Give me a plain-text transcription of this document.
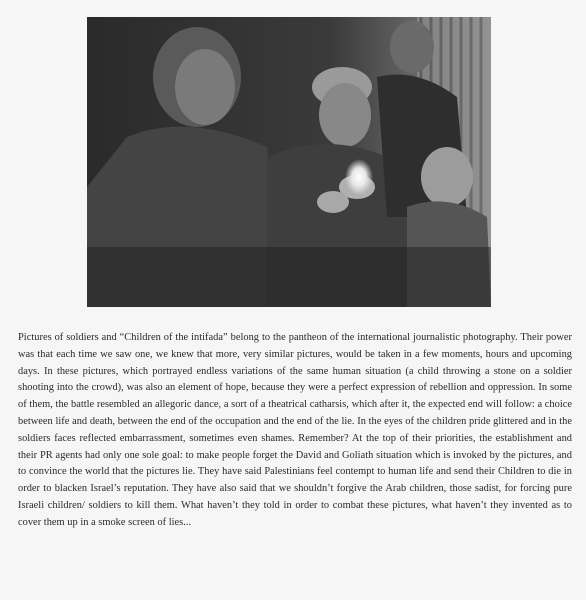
Pictures of soldiers and “Children of the intifada” belong to the pantheon of the international journalistic photography. Their power was that each time we saw one, we knew that more, very similar pictures, would be taken in a few moments, hours and upcoming days. In these pictures, which portrayed endless variations of the same human situation (a child throwing a stone on a soldier shooting into the crowd), was also an element of hope, because they were a perfect expression of rebellion and oppression. In some of them, the battle resembled an allegoric dance, a sort of a theatrical catharsis, which after it, the expected end will follow: a choice between life and death, between the end of the occupation and the end of the lie. In the eyes of the children pride glittered and in the soldiers faces reflected embarrassment, sometimes even shames. Remember? At the top of their priorities, the establishment and their PR agents had only one sole goal: to make people forget the David and Goliath situation which is invoked by the pictures, and to convince the world that the pictures lie. They have said Palestinians feel contempt to human life and send their Children to die in order to blacken Israel’s reputation. They have also said that we shouldn’t forgive the Arab children, those sadist, for forcing pure Israeli children/ soldiers to kill them. What haven’t they told in order to combat these pictures, what haven’t they invented as to cover them up in a smoke screen of lies...
